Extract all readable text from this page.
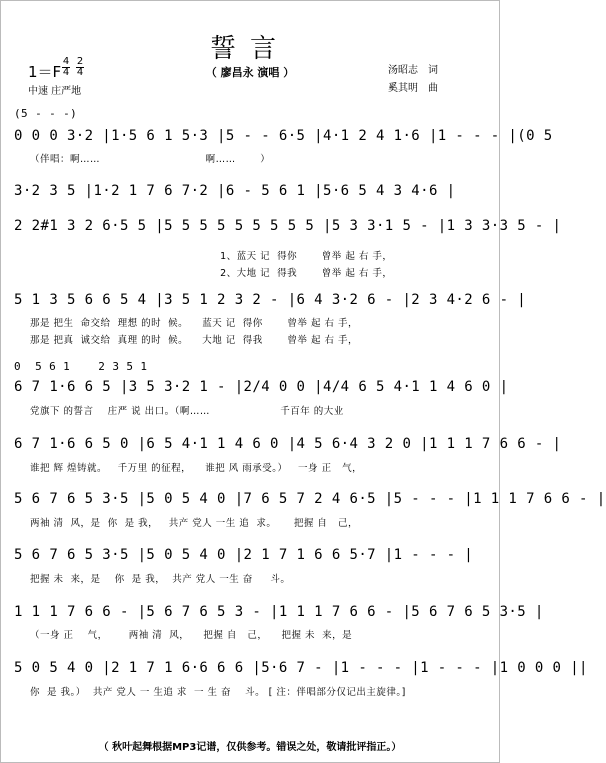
誓言
（ 廖昌永 演唱 ）
$1=F \frac{4}{4} \frac{2}{4}$
中速 庄严地
汤昭志　词
奚其明　曲
(5 - - -)
0 0 0 3·2 |1·5 6 1 5·3 |5 - - 6·5 |4·1 2 4 1·6 |1 - - - |(0 5
3·2 3 5 |1·2 1 7 6 7·2 |6 - 5 6 1 |5·6 5 4 3 4·6 |
2 2#1 3 2 6·5 5 |5 5 5 5 5 5 5 5 5 |5 3 3·1 5 - |1 3 3·3 5 - |
5 1 3 5 6 6 5 4 |3 5 1 2 3 2 - |6 4 3·2 6 - |2 3 4·2 6 - |
0  5 6 1    2 3 5 1
6 7 1·6 6 5 |3 5 3·2 1 - |2/4 0 0 |4/4 6 5 4·1 1 4 6 0 |
6 7 1·6 6 5 0 |6 5 4·1 1 4 6 0 |4 5 6·4 3 2 0 |1 1 1 7 6 6 - |
5 6 7 6 5 3·5 |5 0 5 4 0 |7 6 5 7 2 4 6·5 |5 - - - |1 1 1 7 6 6 - |
5 6 7 6 5 3·5 |5 0 5 4 0 |2 1 7 1 6 6 5·7 |1 - - - |
1 1 1 7 6 6 - |5 6 7 6 5 3 - |1 1 1 7 6 6 - |5 6 7 6 5 3·5 |
5 0 5 4 0 |2 1 7 1 6·6 6 6 |5·6 7 - |1 - - - |1 - - - |1 0 0 0 ||
（伴唱：啊……                              啊……       ）
1、蓝天 记  得你       曾举 起 右 手，
2、大地 记  得我       曾举 起 右 手，
那是 把生  命交给  理想 的时  候。    蓝天 记  得你       曾举 起 右 手，
那是 把真  诚交给  真理 的时  候。    大地 记  得我       曾举 起 右 手，
党旗下 的誓言    庄严 说 出口。（啊……                    千百年 的大业
谁把 辉 煌铸就。   千万里 的征程，    谁把 风 雨承受。）   一身 正   气，
两袖 清  风，是  你  是 我，   共产 党人 一生 追  求。     把握 自   己，
把握 未  来，是    你  是 我，  共产 党人 一生 奋     斗。
（一身 正    气，      两袖 清  风，    把握 自   己，    把握 未  来，是
你  是 我。）  共产 党人 一 生追 求  一 生 奋    斗。 [ 注：伴唱部分仅记出主旋律。]
（ 秋叶起舞根据MP3记谱，仅供参考。错误之处，敬请批评指正。）
